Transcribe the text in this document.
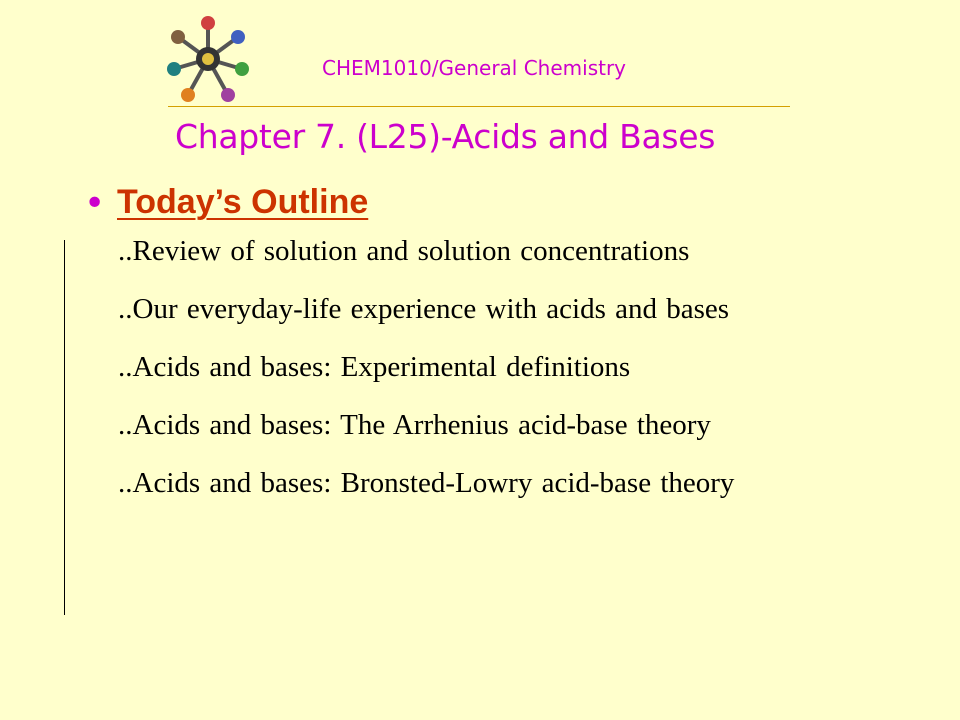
CHEM1010/General Chemistry
Chapter 7. (L25)-Acids and Bases
• Today’s Outline
..Review of solution and solution concentrations
..Our everyday-life experience with acids and bases
..Acids and bases: Experimental definitions
..Acids and bases: The Arrhenius acid-base theory
..Acids and bases: Bronsted-Lowry acid-base theory
